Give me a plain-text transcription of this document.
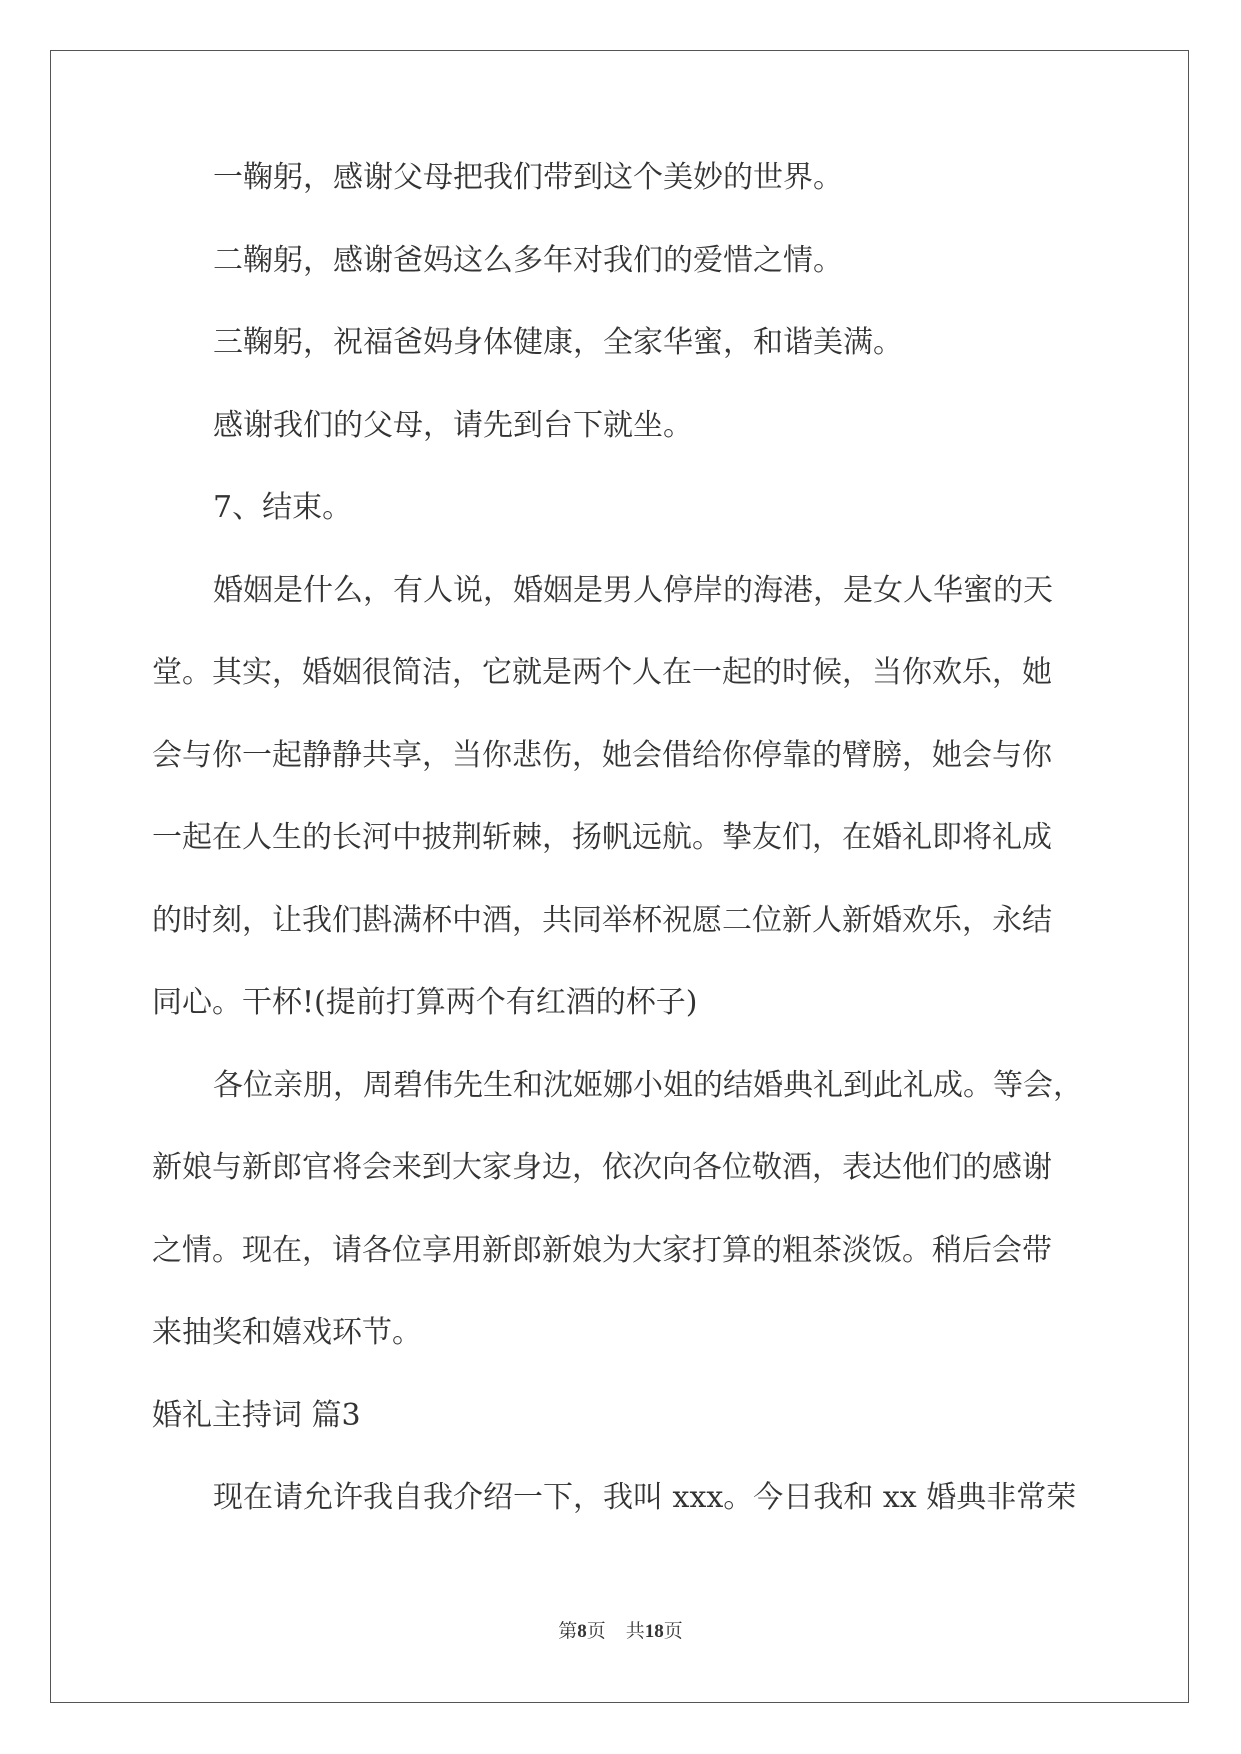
一鞠躬，感谢父母把我们带到这个美妙的世界。

二鞠躬，感谢爸妈这么多年对我们的爱惜之情。

三鞠躬，祝福爸妈身体健康，全家华蜜，和谐美满。

感谢我们的父母，请先到台下就坐。

7、结束。

婚姻是什么，有人说，婚姻是男人停岸的海港，是女人华蜜的天

堂。其实，婚姻很简洁，它就是两个人在一起的时候，当你欢乐，她

会与你一起静静共享，当你悲伤，她会借给你停靠的臂膀，她会与你

一起在人生的长河中披荆斩棘，扬帆远航。挚友们，在婚礼即将礼成

的时刻，让我们斟满杯中酒，共同举杯祝愿二位新人新婚欢乐，永结

同心。干杯!(提前打算两个有红酒的杯子)

各位亲朋，周碧伟先生和沈姬娜小姐的结婚典礼到此礼成。等会，

新娘与新郎官将会来到大家身边，依次向各位敬酒，表达他们的感谢

之情。现在，请各位享用新郎新娘为大家打算的粗茶淡饭。稍后会带

来抽奖和嬉戏环节。

婚礼主持词 篇3

现在请允许我自我介绍一下，我叫 xxx。今日我和 xx 婚典非常荣

第8页 共18页
